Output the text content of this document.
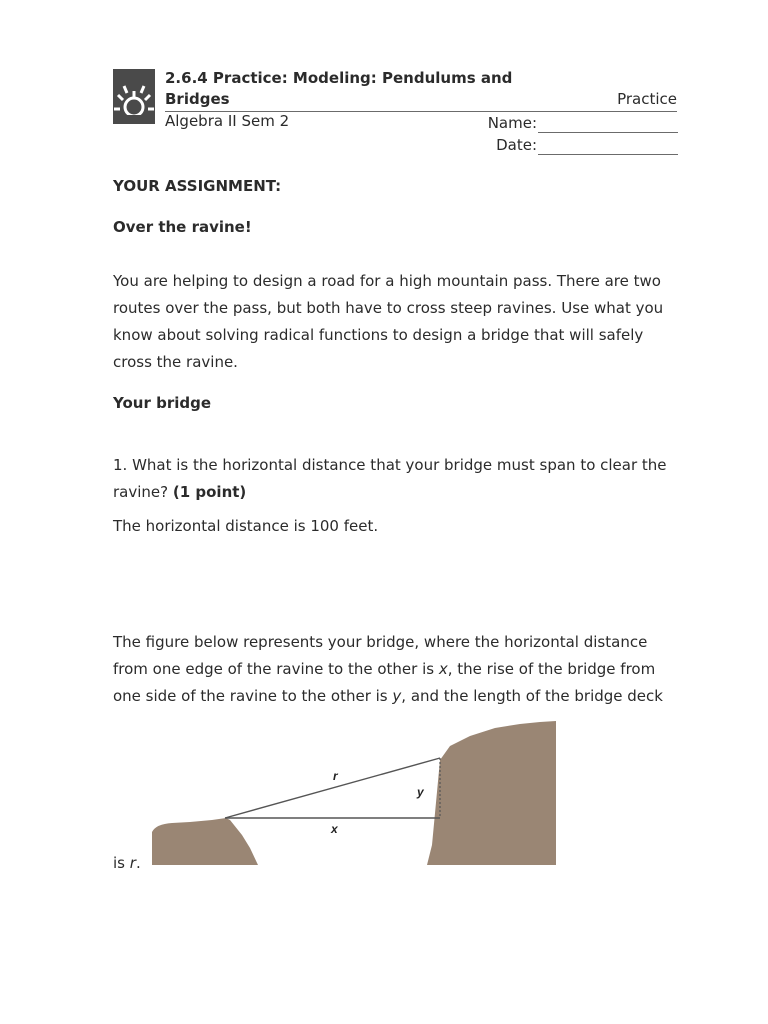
2.6.4 Practice: Modeling: Pendulums and Bridges	Practice
Algebra II Sem 2	Name:
Date:

YOUR ASSIGNMENT:

Over the ravine!

You are helping to design a road for a high mountain pass. There are two routes over the pass, but both have to cross steep ravines. Use what you know about solving radical functions to design a bridge that will safely cross the ravine.

Your bridge

1. What is the horizontal distance that your bridge must span to clear the ravine? (1 point)

The horizontal distance is 100 feet.

The figure below represents your bridge, where the horizontal distance from one edge of the ravine to the other is x, the rise of the bridge from one side of the ravine to the other is y, and the length of the bridge deck

is r.

r
y
x
